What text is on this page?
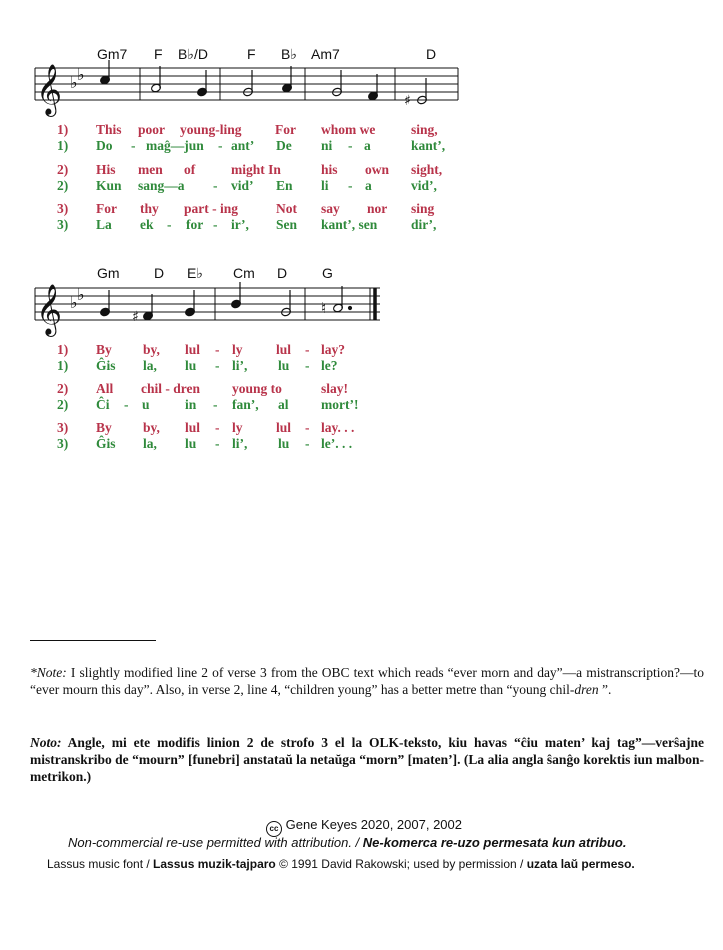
Gm7 F B♭/D	F B♭ Am7	D
𝄞 ♭ ♭
♯
1) This poor young-ling For whom we	sing,
1) Do - maĝ—jun - ant’ De ni - a	kant’,
2) His men of	might In	his own sight,
2) Kun sang—a - vid’ En li - a	vid’,
3) For thy part - ing	Not say nor sing
3) La ek - for - ir’, Sen kant’, sen dir’,
Gm D E♭ Cm D G
𝄞 ♭ ♭
♯	♮
1) By by, lul - ly lul - lay?
1) Ĝis la, lu - li’, lu - le?
2) All chil - dren young to	slay!
2) Ĉi - u	in - fan’, al mort’!
3) By by, lul - ly lul - lay. . .
3) Ĝis la, lu - li’, lu - le’. . .
*Note: I slightly modified line 2 of verse 3 from the OBC text which reads “ever morn and day”—a mistranscription?—to “ever mourn this day”. Also, in verse 2, line 4, “children young” has a better metre than “young chil-dren ”.
Noto: Angle, mi ete modifis linion 2 de strofo 3 el la OLK-teksto, kiu havas “ĉiu maten’ kaj tag”—verŝajne mistranskribo de “mourn” [funebri] anstataŭ la netaŭga “morn” [maten’]. (La alia angla ŝanĝo korektis iun malbon-metrikon.)
cc Gene Keyes 2020, 2007, 2002
Non-commercial re-use permitted with attribution. / Ne-komerca re-uzo permesata kun atribuo.
Lassus music font / Lassus muzik-tajparo © 1991 David Rakowski; used by permission / uzata laŭ permeso.
